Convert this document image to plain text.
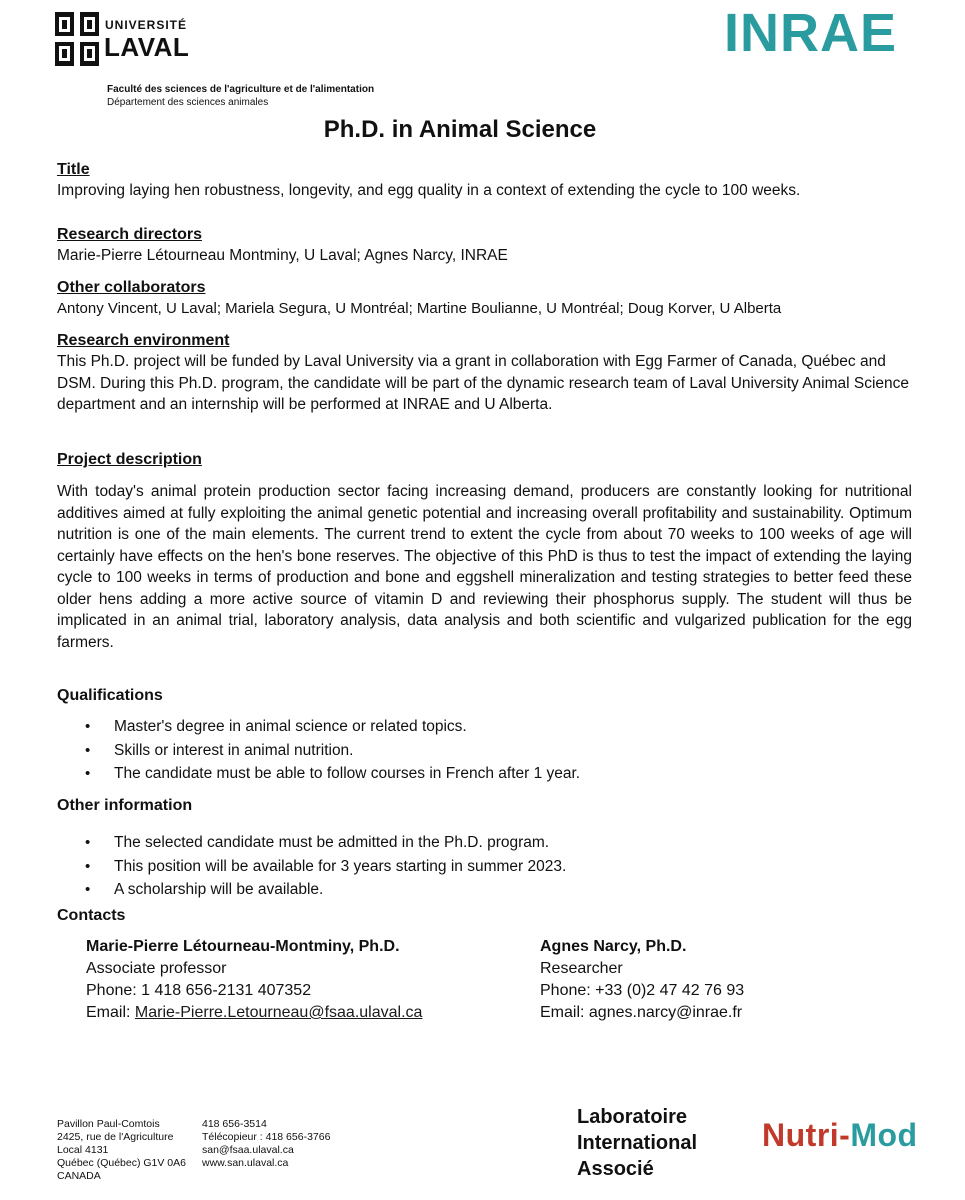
UNIVERSITÉ
LAVAL	INRAE
Faculté des sciences de l'agriculture et de l'alimentation
Département des sciences animales
Ph.D. in Animal Science
Title
Improving laying hen robustness, longevity, and egg quality in a context of extending the cycle to 100 weeks.
Research directors
Marie-Pierre Létourneau Montminy, U Laval; Agnes Narcy, INRAE
Other collaborators
Antony Vincent, U Laval; Mariela Segura, U Montréal; Martine Boulianne, U Montréal; Doug Korver, U Alberta
Research environment
This Ph.D. project will be funded by Laval University via a grant in collaboration with Egg Farmer of Canada, Québec and DSM. During this Ph.D. program, the candidate will be part of the dynamic research team of Laval University Animal Science department and an internship will be performed at INRAE and U Alberta.
Project description
With today's animal protein production sector facing increasing demand, producers are constantly looking for nutritional additives aimed at fully exploiting the animal genetic potential and increasing overall profitability and sustainability. Optimum nutrition is one of the main elements. The current trend to extent the cycle from about 70 weeks to 100 weeks of age will certainly have effects on the hen's bone reserves. The objective of this PhD is thus to test the impact of extending the laying cycle to 100 weeks in terms of production and bone and eggshell mineralization and testing strategies to better feed these older hens adding a more active source of vitamin D and reviewing their phosphorus supply. The student will thus be implicated in an animal trial, laboratory analysis, data analysis and both scientific and vulgarized publication for the egg farmers.
Qualifications
• Master's degree in animal science or related topics.
• Skills or interest in animal nutrition.
• The candidate must be able to follow courses in French after 1 year.
Other information
• The selected candidate must be admitted in the Ph.D. program.
• This position will be available for 3 years starting in summer 2023.
• A scholarship will be available.
Contacts
Marie-Pierre Létourneau-Montminy, Ph.D.
Associate professor
Phone: 1 418 656-2131 407352
Email: Marie-Pierre.Letourneau@fsaa.ulaval.ca
Agnes Narcy, Ph.D.
Researcher
Phone: +33 (0)2 47 42 76 93
Email: agnes.narcy@inrae.fr
Pavillon Paul-Comtois
2425, rue de l'Agriculture
Local 4131
Québec (Québec) G1V 0A6
CANADA
418 656-3514
Télécopieur : 418 656-3766
san@fsaa.ulaval.ca
www.san.ulaval.ca
Laboratoire
International
Associé
Nutri-Mod
